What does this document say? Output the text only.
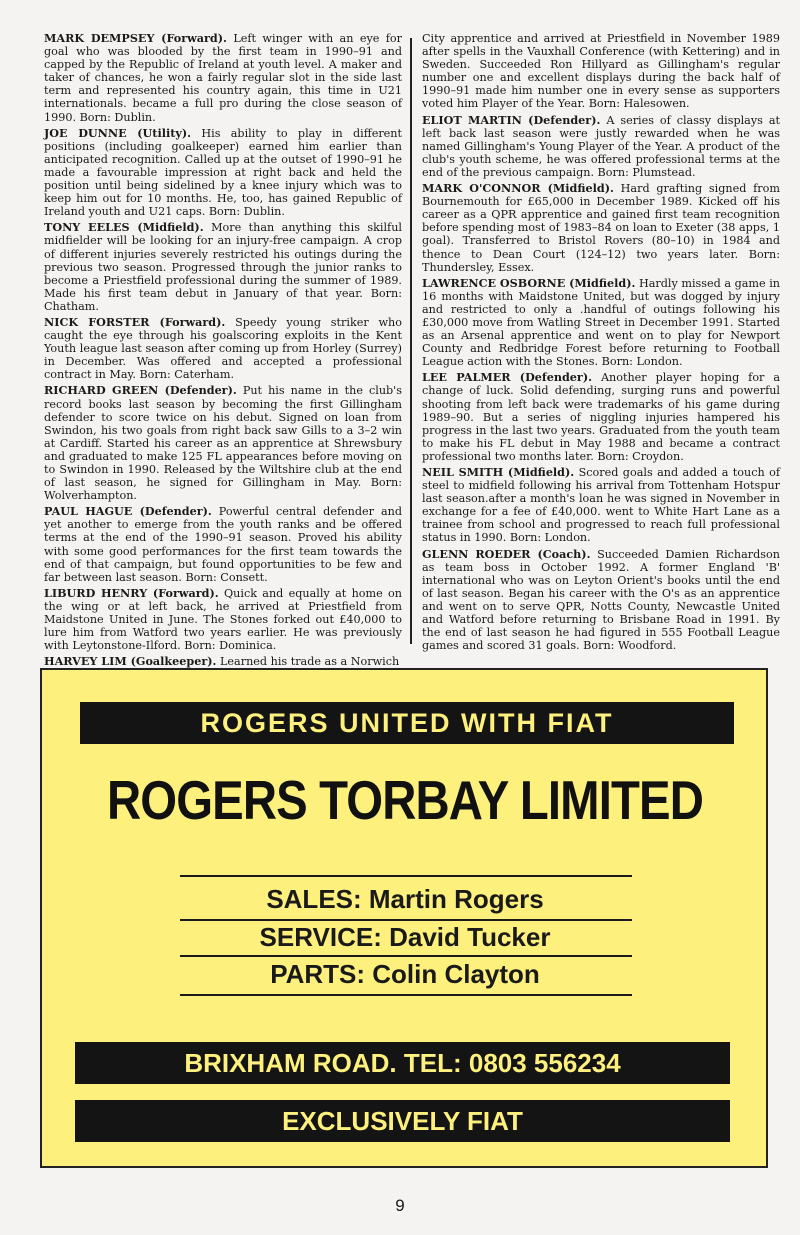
MARK DEMPSEY (Forward). Left winger with an eye for goal who was blooded by the first team in 1990–91 and capped by the Republic of Ireland at youth level. A maker and taker of chances, he won a fairly regular slot in the side last term and represented his country again, this time in U21 internationals. became a full pro during the close season of 1990. Born: Dublin.

JOE DUNNE (Utility). His ability to play in different positions (including goalkeeper) earned him earlier than anticipated recognition. Called up at the outset of 1990–91 he made a favourable impression at right back and held the position until being sidelined by a knee injury which was to keep him out for 10 months. He, too, has gained Republic of Ireland youth and U21 caps. Born: Dublin.

TONY EELES (Midfield). More than anything this skilful midfielder will be looking for an injury-free campaign. A crop of different injuries severely restricted his outings during the previous two season. Progressed through the junior ranks to become a Priestfield professional during the summer of 1989. Made his first team debut in January of that year. Born: Chatham.

NICK FORSTER (Forward). Speedy young striker who caught the eye through his goalscoring exploits in the Kent Youth league last season after coming up from Horley (Surrey) in December. Was offered and accepted a professional contract in May. Born: Caterham.

RICHARD GREEN (Defender). Put his name in the club's record books last season by becoming the first Gillingham defender to score twice on his debut. Signed on loan from Swindon, his two goals from right back saw Gills to a 3–2 win at Cardiff. Started his career as an apprentice at Shrewsbury and graduated to make 125 FL appearances before moving on to Swindon in 1990. Released by the Wiltshire club at the end of last season, he signed for Gillingham in May. Born: Wolverhampton.

PAUL HAGUE (Defender). Powerful central defender and yet another to emerge from the youth ranks and be offered terms at the end of the 1990–91 season. Proved his ability with some good performances for the first team towards the end of that campaign, but found opportunities to be few and far between last season. Born: Consett.

LIBURD HENRY (Forward). Quick and equally at home on the wing or at left back, he arrived at Priestfield from Maidstone United in June. The Stones forked out £40,000 to lure him from Watford two years earlier. He was previously with Leytonstone-Ilford. Born: Dominica.

HARVEY LIM (Goalkeeper). Learned his trade as a Norwich

City apprentice and arrived at Priestfield in November 1989 after spells in the Vauxhall Conference (with Kettering) and in Sweden. Succeeded Ron Hillyard as Gillingham's regular number one and excellent displays during the back half of 1990–91 made him number one in every sense as supporters voted him Player of the Year. Born: Halesowen.

ELIOT MARTIN (Defender). A series of classy displays at left back last season were justly rewarded when he was named Gillingham's Young Player of the Year. A product of the club's youth scheme, he was offered professional terms at the end of the previous campaign. Born: Plumstead.

MARK O'CONNOR (Midfield). Hard grafting signed from Bournemouth for £65,000 in December 1989. Kicked off his career as a QPR apprentice and gained first team recognition before spending most of 1983–84 on loan to Exeter (38 apps, 1 goal). Transferred to Bristol Rovers (80–10) in 1984 and thence to Dean Court (124–12) two years later. Born: Thundersley, Essex.

LAWRENCE OSBORNE (Midfield). Hardly missed a game in 16 months with Maidstone United, but was dogged by injury and restricted to only a .handful of outings following his £30,000 move from Watling Street in December 1991. Started as an Arsenal apprentice and went on to play for Newport County and Redbridge Forest before returning to Football League action with the Stones. Born: London.

LEE PALMER (Defender). Another player hoping for a change of luck. Solid defending, surging runs and powerful shooting from left back were trademarks of his game during 1989–90. But a series of niggling injuries hampered his progress in the last two years. Graduated from the youth team to make his FL debut in May 1988 and became a contract professional two months later. Born: Croydon.

NEIL SMITH (Midfield). Scored goals and added a touch of steel to midfield following his arrival from Tottenham Hotspur last season.after a month's loan he was signed in November in exchange for a fee of £40,000. went to White Hart Lane as a trainee from school and progressed to reach full professional status in 1990. Born: London.

GLENN ROEDER (Coach). Succeeded Damien Richardson as team boss in October 1992. A former England 'B' international who was on Leyton Orient's books until the end of last season. Began his career with the O's as an apprentice and went on to serve QPR, Notts County, Newcastle United and Watford before returning to Brisbane Road in 1991. By the end of last season he had figured in 555 Football League games and scored 31 goals. Born: Woodford.

ROGERS UNITED WITH FIAT
ROGERS TORBAY LIMITED
SALES: Martin Rogers
SERVICE: David Tucker
PARTS: Colin Clayton
BRIXHAM ROAD. TEL: 0803 556234
EXCLUSIVELY FIAT
9
